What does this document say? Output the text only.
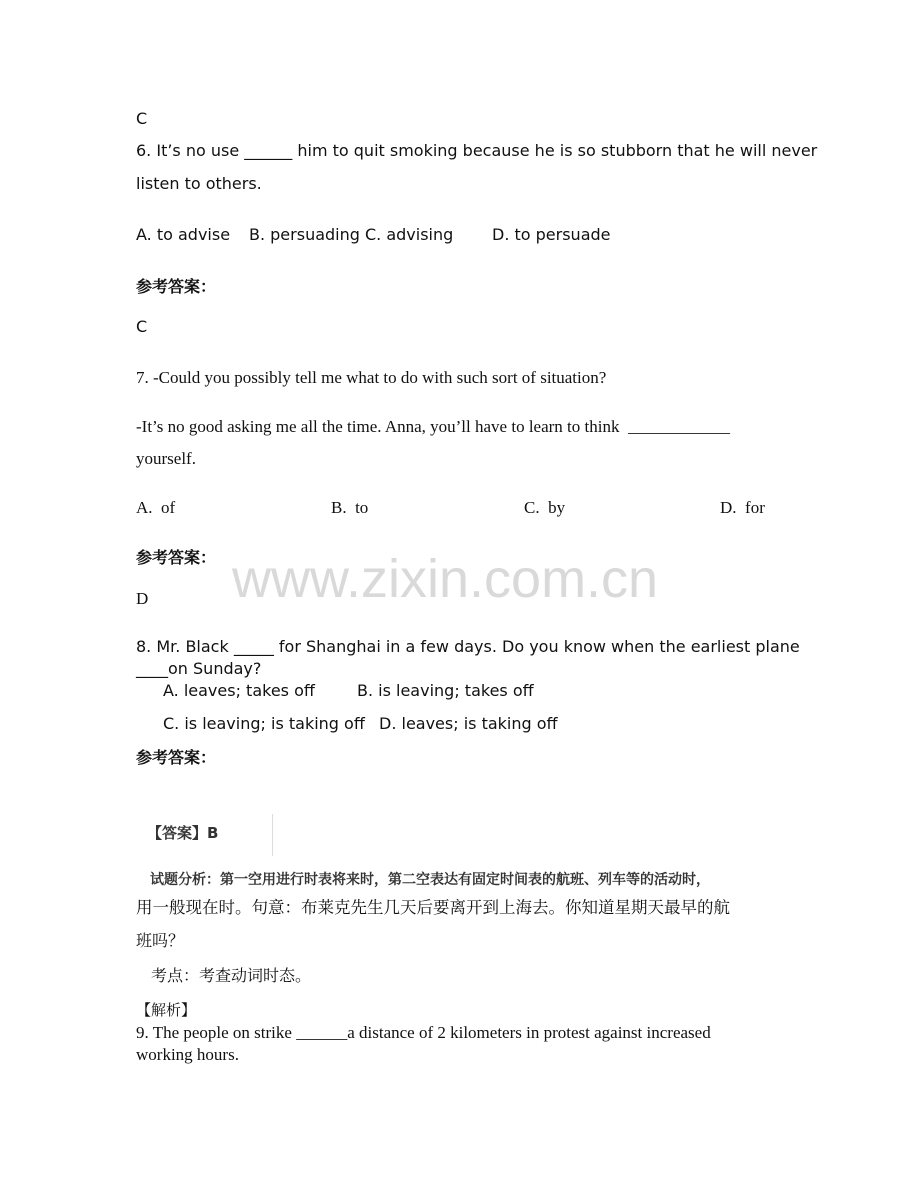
www.zixin.com.cn
C
6. It’s no use ______ him to quit smoking because he is so stubborn that he will never
listen to others.
A. to advise B. persuading C. advising D. to persuade
参考答案：
C
7. -Could you possibly tell me what to do with such sort of situation?
-It’s no good asking me all the time. Anna, you’ll have to learn to think  ____________
yourself.
A.  of	B.  to	C.  by	D.  for
参考答案：
D
8. Mr. Black _____ for Shanghai in a few days. Do you know when the earliest plane
____on Sunday?
A. leaves; takes off	B. is leaving; takes off
C. is leaving; is taking off D. leaves; is taking off
参考答案：
【答案】B
试题分析：第一空用进行时表将来时，第二空表达有固定时间表的航班、列车等的活动时，
用一般现在时。句意：布莱克先生几天后要离开到上海去。你知道星期天最早的航
班吗？
考点：考查动词时态。
【解析】
9. The people on strike ______a distance of 2 kilometers in protest against increased
working hours.
